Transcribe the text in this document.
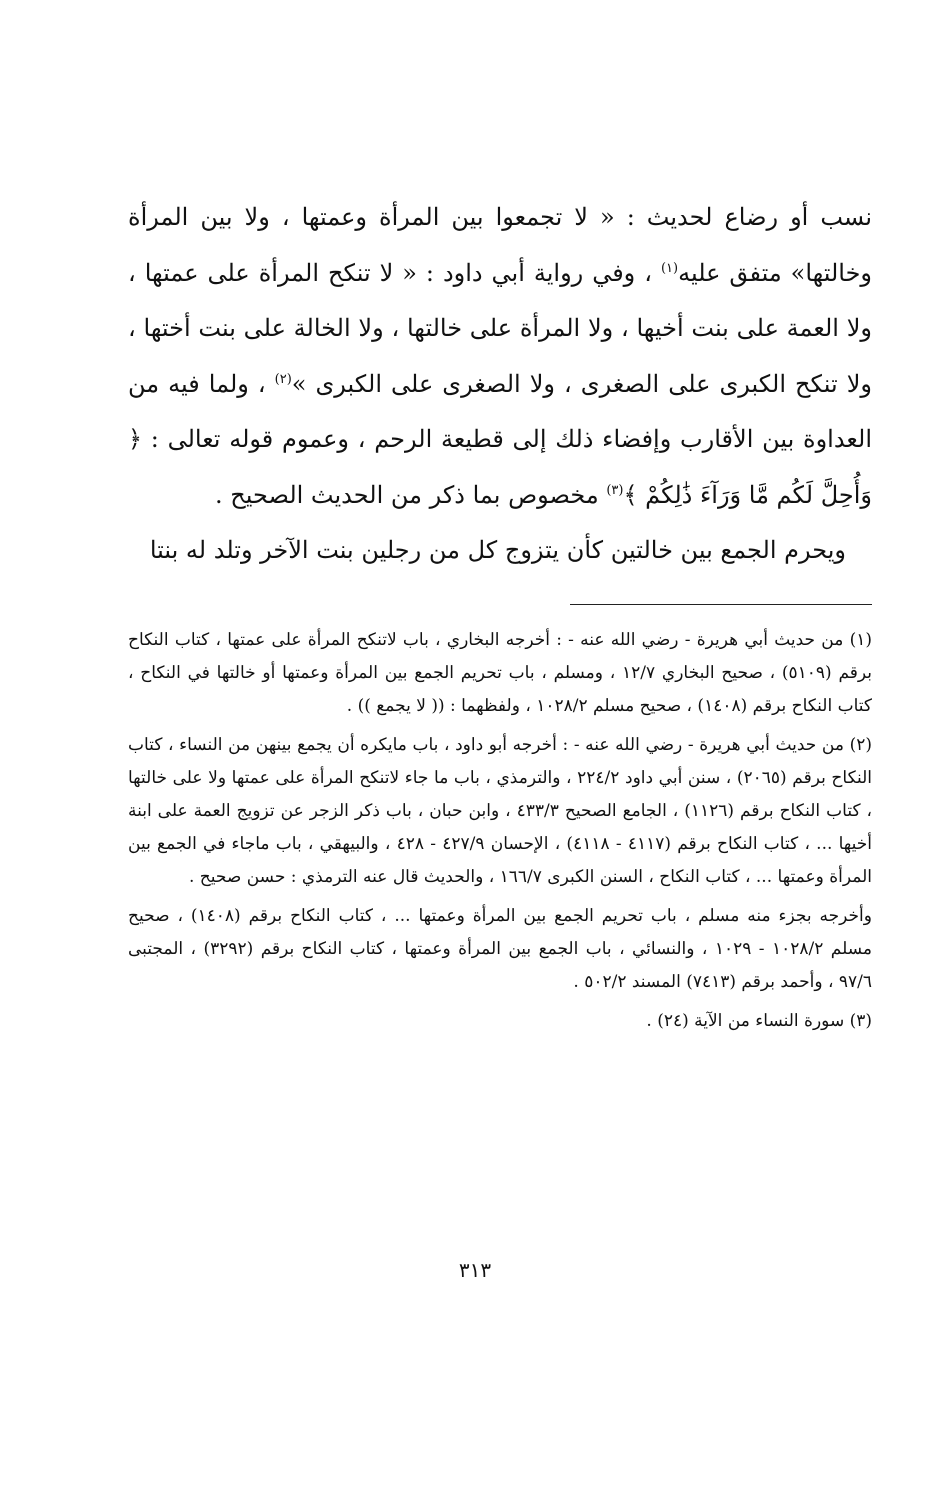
نسب أو رضاع لحديث : « لا تجمعوا بين المرأة وعمتها ، ولا بين المرأة وخالتها» متفق عليه$^{(١)}$ ، وفي رواية أبي داود : « لا تنكح المرأة على عمتها ، ولا العمة على بنت أخيها ، ولا المرأة على خالتها ، ولا الخالة على بنت أختها ، ولا تنكح الكبرى على الصغرى ، ولا الصغرى على الكبرى »$^{(٢)}$ ، ولما فيه من العداوة بين الأقارب وإفضاء ذلك إلى قطيعة الرحم ، وعموم قوله تعالى : ﴿ وَأُحِلَّ لَكُم مَّا وَرَآءَ ذَٰلِكُمْ ﴾$^{(٣)}$ مخصوص بما ذكر من الحديث الصحيح .

ويحرم الجمع بين خالتين كأن يتزوج كل من رجلين بنت الآخر وتلد له بنتا

(١) من حديث أبي هريرة - رضي الله عنه - : أخرجه البخاري ، باب لاتنكح المرأة على عمتها ، كتاب النكاح برقم (٥١٠٩) ، صحيح البخاري ١٢/٧ ، ومسلم ، باب تحريم الجمع بين المرأة وعمتها أو خالتها في النكاح ، كتاب النكاح برقم (١٤٠٨) ، صحيح مسلم ١٠٢٨/٢ ، ولفظهما : (( لا يجمع )) .

(٢) من حديث أبي هريرة - رضي الله عنه - : أخرجه أبو داود ، باب مايكره أن يجمع بينهن من النساء ، كتاب النكاح برقم (٢٠٦٥) ، سنن أبي داود ٢٢٤/٢ ، والترمذي ، باب ما جاء لاتنكح المرأة على عمتها ولا على خالتها ، كتاب النكاح برقم (١١٢٦) ، الجامع الصحيح ٤٣٣/٣ ، وابن حبان ، باب ذكر الزجر عن تزويج العمة على ابنة أخيها ... ، كتاب النكاح برقم (٤١١٧ - ٤١١٨) ، الإحسان ٤٢٧/٩ - ٤٢٨ ، والبيهقي ، باب ماجاء في الجمع بين المرأة وعمتها ... ، كتاب النكاح ، السنن الكبرى ١٦٦/٧ ، والحديث قال عنه الترمذي : حسن صحيح .

وأخرجه بجزء منه مسلم ، باب تحريم الجمع بين المرأة وعمتها ... ، كتاب النكاح برقم (١٤٠٨) ، صحيح مسلم ١٠٢٨/٢ - ١٠٢٩ ، والنسائي ، باب الجمع بين المرأة وعمتها ، كتاب النكاح برقم (٣٢٩٢) ، المجتبى ٩٧/٦ ، وأحمد برقم (٧٤١٣) المسند ٥٠٢/٢ .

(٣) سورة النساء من الآية (٢٤) .

٣١٣
